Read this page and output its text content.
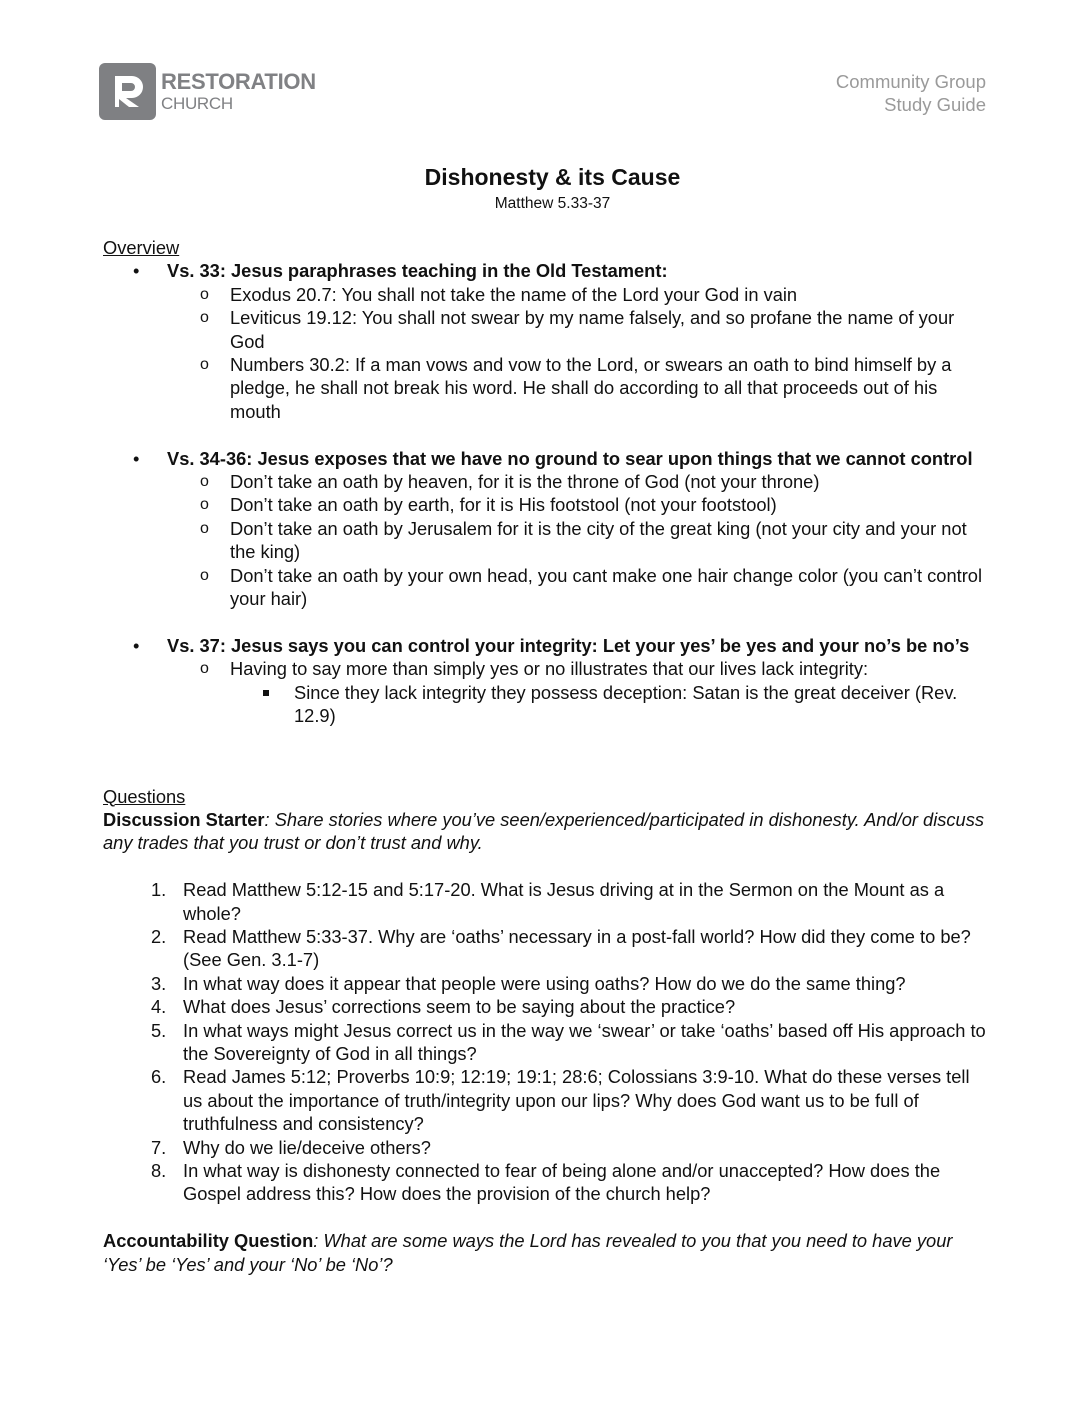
RESTORATION
CHURCH
Community Group
Study Guide
Dishonesty & its Cause
Matthew 5.33-37
Overview
• Vs. 33: Jesus paraphrases teaching in the Old Testament:
o Exodus 20.7: You shall not take the name of the Lord your God in vain
o Leviticus 19.12: You shall not swear by my name falsely, and so profane the name of your God
o Numbers 30.2: If a man vows and vow to the Lord, or swears an oath to bind himself by a pledge, he shall not break his word. He shall do according to all that proceeds out of his mouth
• Vs. 34-36: Jesus exposes that we have no ground to sear upon things that we cannot control
o Don’t take an oath by heaven, for it is the throne of God (not your throne)
o Don’t take an oath by earth, for it is His footstool (not your footstool)
o Don’t take an oath by Jerusalem for it is the city of the great king (not your city and your not the king)
o Don’t take an oath by your own head, you cant make one hair change color (you can’t control your hair)
• Vs. 37: Jesus says you can control your integrity: Let your yes’ be yes and your no’s be no’s
o Having to say more than simply yes or no illustrates that our lives lack integrity:
Since they lack integrity they possess deception: Satan is the great deceiver (Rev. 12.9)
Questions
Discussion Starter: Share stories where you’ve seen/experienced/participated in dishonesty. And/or discuss any trades that you trust or don’t trust and why.
1. Read Matthew 5:12-15 and 5:17-20. What is Jesus driving at in the Sermon on the Mount as a whole?
2. Read Matthew 5:33-37. Why are ‘oaths’ necessary in a post-fall world? How did they come to be? (See Gen. 3.1-7)
3. In what way does it appear that people were using oaths? How do we do the same thing?
4. What does Jesus’ corrections seem to be saying about the practice?
5. In what ways might Jesus correct us in the way we ‘swear’ or take ‘oaths’ based off His approach to the Sovereignty of God in all things?
6. Read James 5:12; Proverbs 10:9; 12:19; 19:1; 28:6; Colossians 3:9-10. What do these verses tell us about the importance of truth/integrity upon our lips? Why does God want us to be full of truthfulness and consistency?
7. Why do we lie/deceive others?
8. In what way is dishonesty connected to fear of being alone and/or unaccepted? How does the Gospel address this? How does the provision of the church help?
Accountability Question: What are some ways the Lord has revealed to you that you need to have your ‘Yes’ be ‘Yes’ and your ‘No’ be ‘No’?
